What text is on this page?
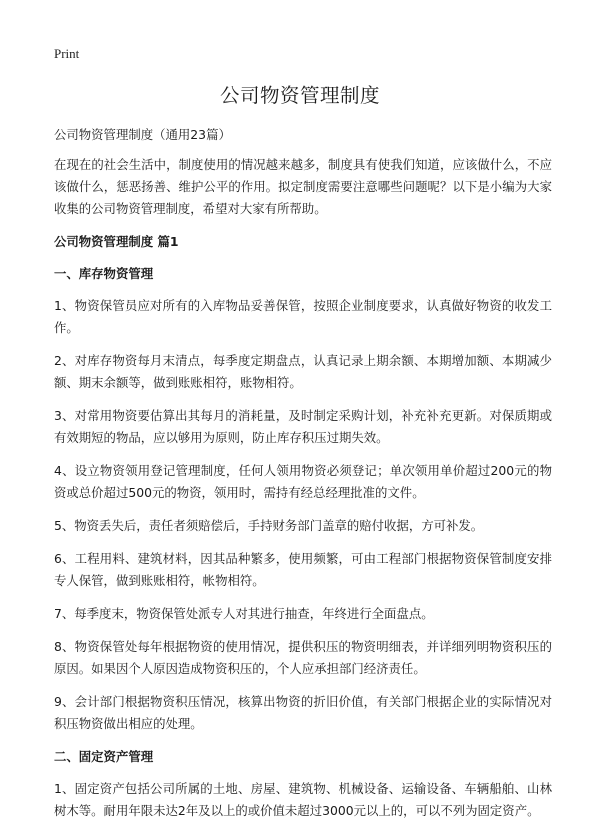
Print
公司物资管理制度

公司物资管理制度（通用23篇）

在现在的社会生活中，制度使用的情况越来越多，制度具有使我们知道，应该做什么，不应该做什么，惩恶扬善、维护公平的作用。拟定制度需要注意哪些问题呢？以下是小编为大家收集的公司物资管理制度，希望对大家有所帮助。

公司物资管理制度 篇1

一、库存物资管理

1、物资保管员应对所有的入库物品妥善保管，按照企业制度要求，认真做好物资的收发工作。

2、对库存物资每月末清点，每季度定期盘点，认真记录上期余额、本期增加额、本期减少额、期末余额等，做到账账相符，账物相符。

3、对常用物资要估算出其每月的消耗量，及时制定采购计划，补充补充更新。对保质期或有效期短的物品，应以够用为原则，防止库存积压过期失效。

4、设立物资领用登记管理制度，任何人领用物资必须登记；单次领用单价超过200元的物资或总价超过500元的物资，领用时，需持有经总经理批准的文件。

5、物资丢失后，责任者须赔偿后，手持财务部门盖章的赔付收据，方可补发。

6、工程用料、建筑材料，因其品种繁多，使用频繁，可由工程部门根据物资保管制度安排专人保管，做到账账相符，帐物相符。

7、每季度末，物资保管处派专人对其进行抽查，年终进行全面盘点。

8、物资保管处每年根据物资的使用情况，提供积压的物资明细表，并详细列明物资积压的原因。如果因个人原因造成物资积压的，个人应承担部门经济责任。

9、会计部门根据物资积压情况，核算出物资的折旧价值，有关部门根据企业的实际情况对积压物资做出相应的处理。

二、固定资产管理

1、固定资产包括公司所属的土地、房屋、建筑物、机械设备、运输设备、车辆船舶、山林树木等。耐用年限未达2年及以上的或价值未超过3000元以上的，可以不列为固定资产。
